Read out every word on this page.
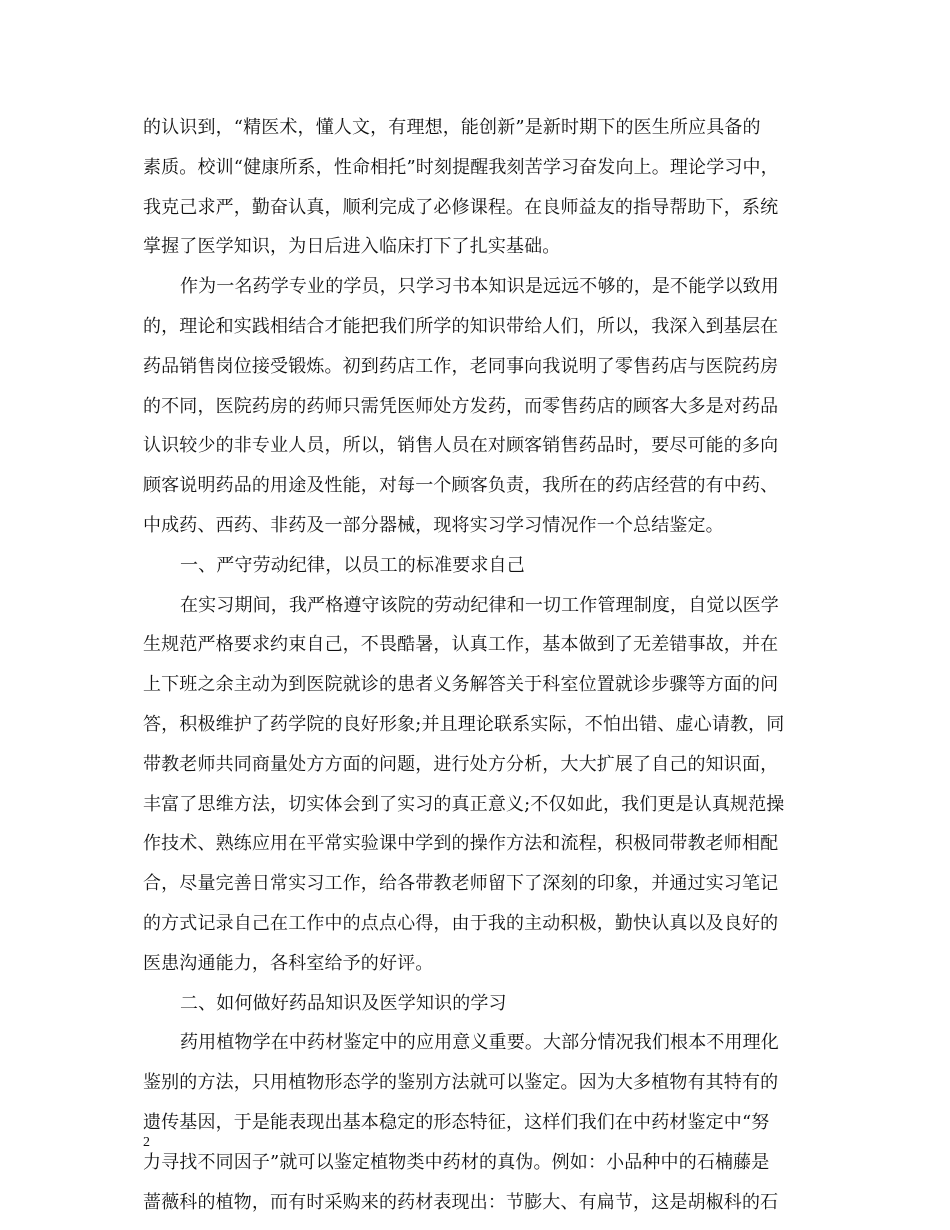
的认识到，“精医术，懂人文，有理想，能创新”是新时期下的医生所应具备的
素质。校训“健康所系，性命相托”时刻提醒我刻苦学习奋发向上。理论学习中，
我克己求严，勤奋认真，顺利完成了必修课程。在良师益友的指导帮助下，系统
掌握了医学知识，为日后进入临床打下了扎实基础。
作为一名药学专业的学员，只学习书本知识是远远不够的，是不能学以致用
的，理论和实践相结合才能把我们所学的知识带给人们，所以，我深入到基层在
药品销售岗位接受锻炼。初到药店工作，老同事向我说明了零售药店与医院药房
的不同，医院药房的药师只需凭医师处方发药，而零售药店的顾客大多是对药品
认识较少的非专业人员，所以，销售人员在对顾客销售药品时，要尽可能的多向
顾客说明药品的用途及性能，对每一个顾客负责，我所在的药店经营的有中药、
中成药、西药、非药及一部分器械，现将实习学习情况作一个总结鉴定。
一、严守劳动纪律，以员工的标准要求自己
在实习期间，我严格遵守该院的劳动纪律和一切工作管理制度，自觉以医学
生规范严格要求约束自己，不畏酷暑，认真工作，基本做到了无差错事故，并在
上下班之余主动为到医院就诊的患者义务解答关于科室位置就诊步骤等方面的问
答，积极维护了药学院的良好形象;并且理论联系实际，不怕出错、虚心请教，同
带教老师共同商量处方方面的问题，进行处方分析，大大扩展了自己的知识面，
丰富了思维方法，切实体会到了实习的真正意义;不仅如此，我们更是认真规范操
作技术、熟练应用在平常实验课中学到的操作方法和流程，积极同带教老师相配
合，尽量完善日常实习工作，给各带教老师留下了深刻的印象，并通过实习笔记
的方式记录自己在工作中的点点心得，由于我的主动积极，勤快认真以及良好的
医患沟通能力，各科室给予的好评。
二、如何做好药品知识及医学知识的学习
药用植物学在中药材鉴定中的应用意义重要。大部分情况我们根本不用理化
鉴别的方法，只用植物形态学的鉴别方法就可以鉴定。因为大多植物有其特有的
遗传基因，于是能表现出基本稳定的形态特征，这样们我们在中药材鉴定中“努
力寻找不同因子”就可以鉴定植物类中药材的真伪。例如：小品种中的石楠藤是
蔷薇科的植物，而有时采购来的药材表现出：节膨大、有扁节，这是胡椒科的石
2
